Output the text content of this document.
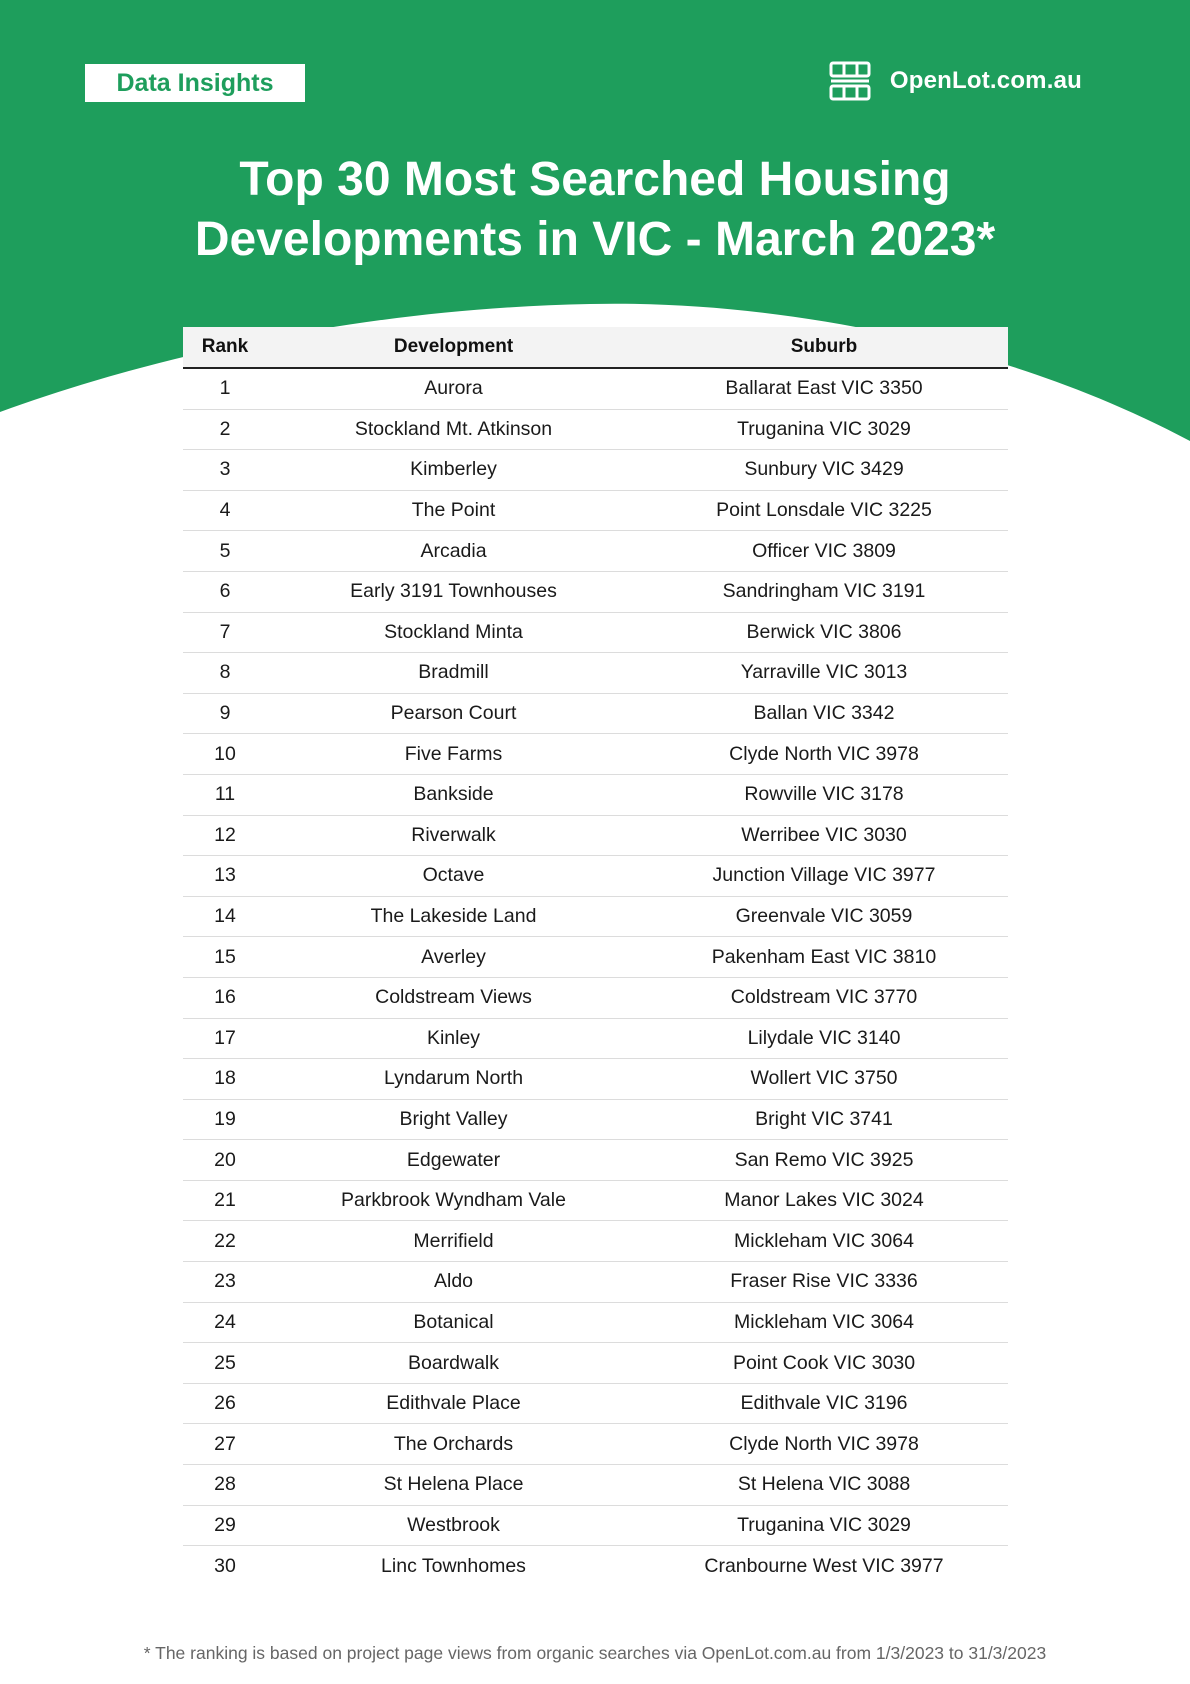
Data Insights	OpenLot.com.au
Top 30 Most Searched Housing
Developments in VIC - March 2023*
Rank	Development	Suburb
1	Aurora	Ballarat East VIC 3350
2	Stockland Mt. Atkinson	Truganina VIC 3029
3	Kimberley	Sunbury VIC 3429
4	The Point	Point Lonsdale VIC 3225
5	Arcadia	Officer VIC 3809
6	Early 3191 Townhouses	Sandringham VIC 3191
7	Stockland Minta	Berwick VIC 3806
8	Bradmill	Yarraville VIC 3013
9	Pearson Court	Ballan VIC 3342
10	Five Farms	Clyde North VIC 3978
11	Bankside	Rowville VIC 3178
12	Riverwalk	Werribee VIC 3030
13	Octave	Junction Village VIC 3977
14	The Lakeside Land	Greenvale VIC 3059
15	Averley	Pakenham East VIC 3810
16	Coldstream Views	Coldstream VIC 3770
17	Kinley	Lilydale VIC 3140
18	Lyndarum North	Wollert VIC 3750
19	Bright Valley	Bright VIC 3741
20	Edgewater	San Remo VIC 3925
21	Parkbrook Wyndham Vale	Manor Lakes VIC 3024
22	Merrifield	Mickleham VIC 3064
23	Aldo	Fraser Rise VIC 3336
24	Botanical	Mickleham VIC 3064
25	Boardwalk	Point Cook VIC 3030
26	Edithvale Place	Edithvale VIC 3196
27	The Orchards	Clyde North VIC 3978
28	St Helena Place	St Helena VIC 3088
29	Westbrook	Truganina VIC 3029
30	Linc Townhomes	Cranbourne West VIC 3977
* The ranking is based on project page views from organic searches via OpenLot.com.au from 1/3/2023 to 31/3/2023
